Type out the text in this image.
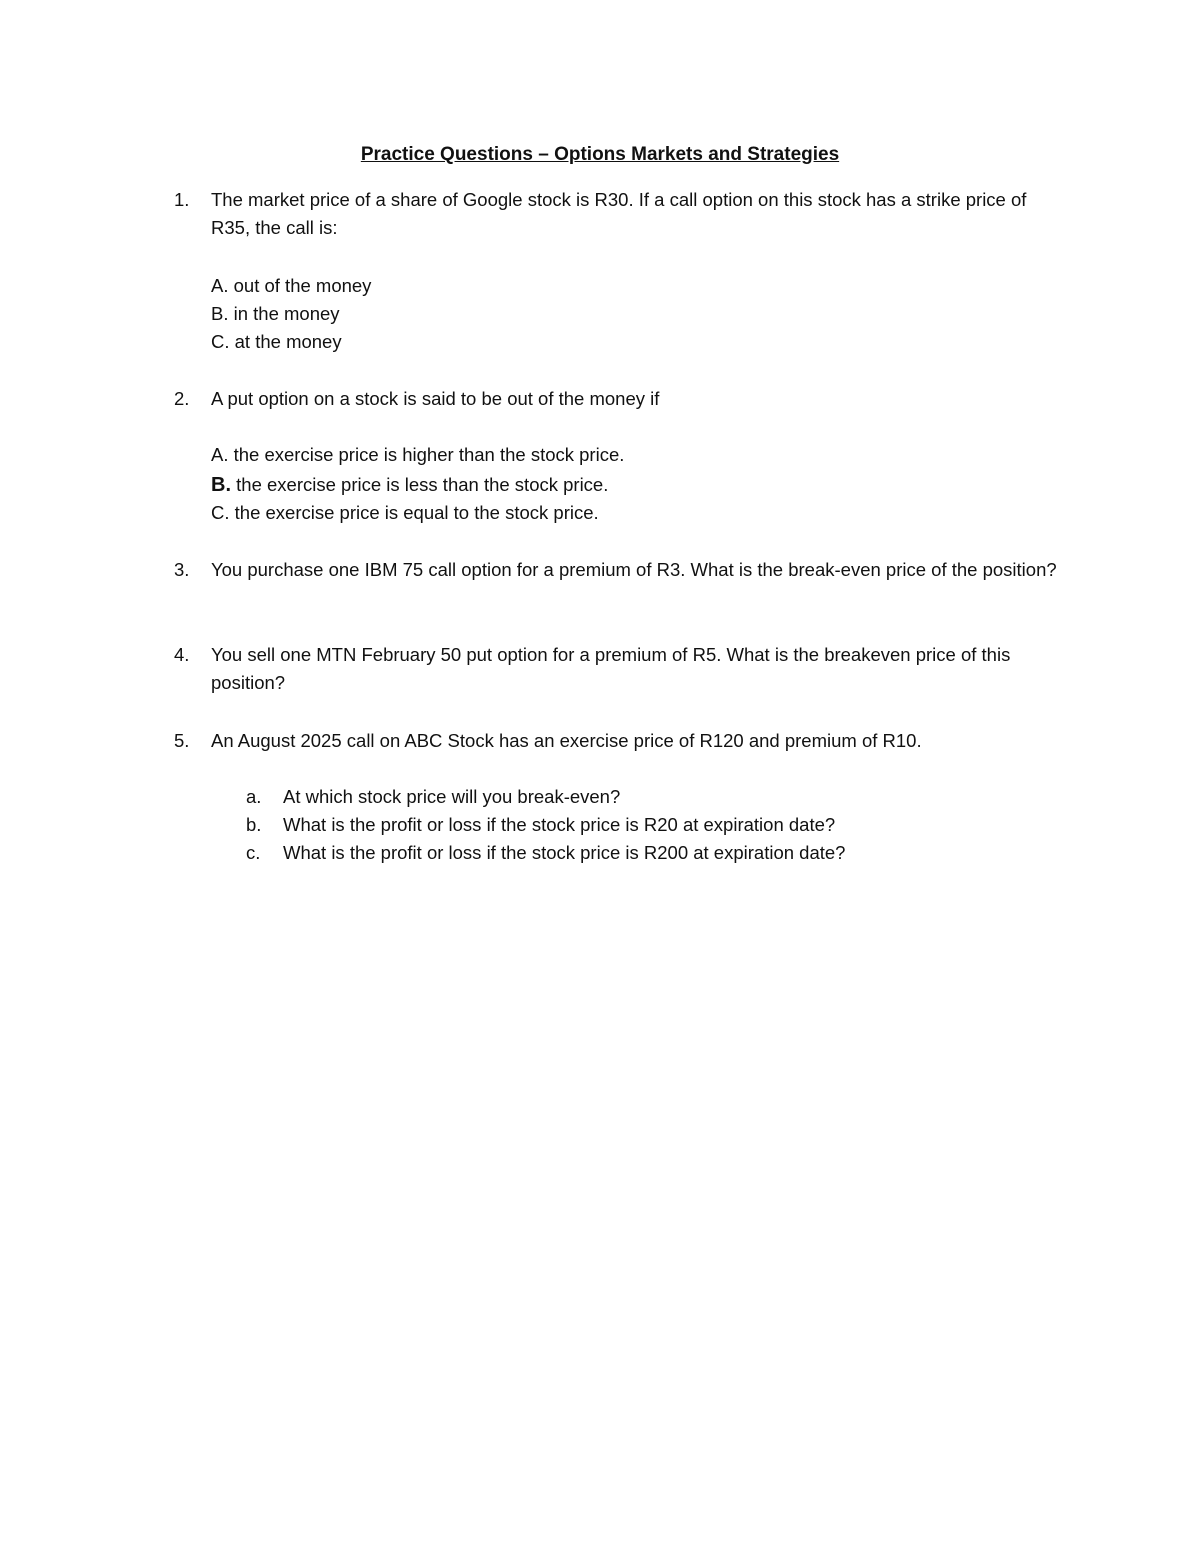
Practice Questions – Options Markets and Strategies
1.	The market price of a share of Google stock is R30. If a call option on this stock has a strike price of R35, the call is:
A. out of the money
B. in the money
C. at the money
2.	A put option on a stock is said to be out of the money if
A. the exercise price is higher than the stock price.
B. the exercise price is less than the stock price.
C. the exercise price is equal to the stock price.
3.	You purchase one IBM 75 call option for a premium of R3. What is the break-even price of the position?
4.	You sell one MTN February 50 put option for a premium of R5. What is the breakeven price of this position?
5.	An August 2025 call on ABC Stock has an exercise price of R120 and premium of R10.
a. At which stock price will you break-even?
b. What is the profit or loss if the stock price is R20 at expiration date?
c. What is the profit or loss if the stock price is R200 at expiration date?
